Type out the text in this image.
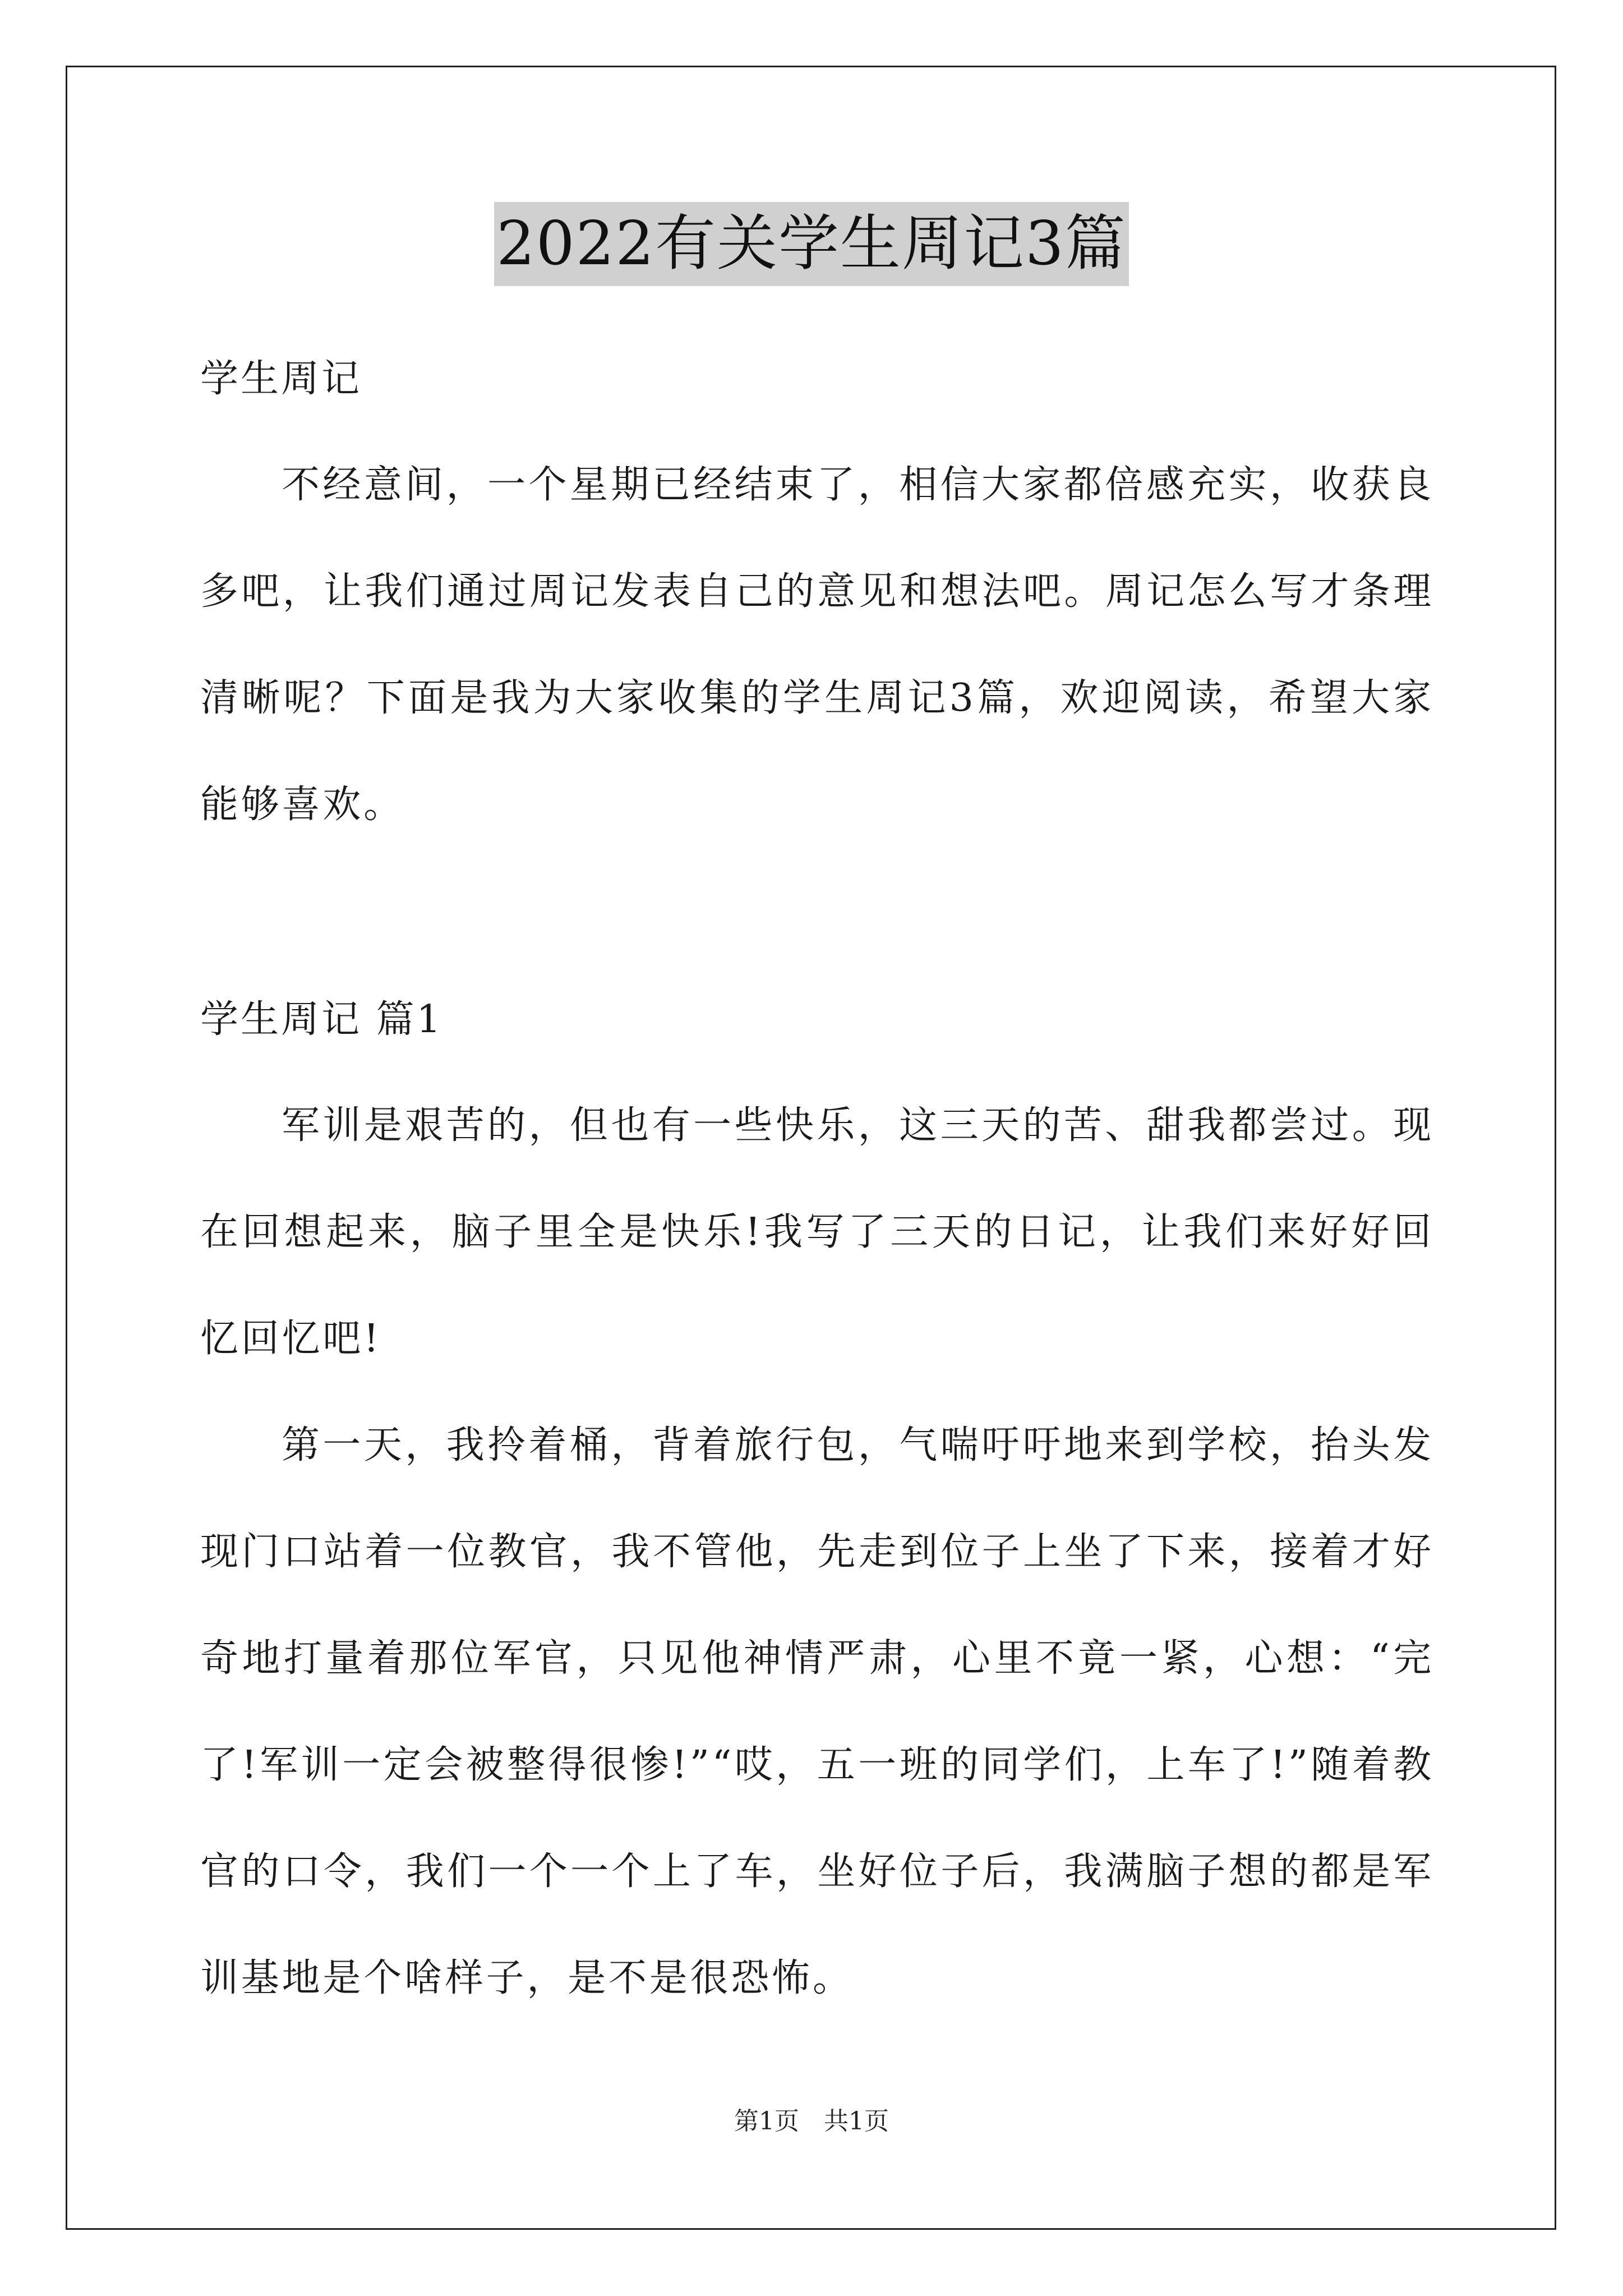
2022有关学生周记3篇
学生周记
不经意间，一个星期已经结束了，相信大家都倍感充实，收获良多吧，让我们通过周记发表自己的意见和想法吧。周记怎么写才条理清晰呢？下面是我为大家收集的学生周记3篇，欢迎阅读，希望大家能够喜欢。
学生周记 篇1
军训是艰苦的，但也有一些快乐，这三天的苦、甜我都尝过。现在回想起来，脑子里全是快乐!我写了三天的日记，让我们来好好回忆回忆吧!
第一天，我拎着桶，背着旅行包，气喘吁吁地来到学校，抬头发现门口站着一位教官，我不管他，先走到位子上坐了下来，接着才好奇地打量着那位军官，只见他神情严肃，心里不竟一紧，心想：“完了!军训一定会被整得很惨!”“哎，五一班的同学们，上车了!”随着教官的口令，我们一个一个上了车，坐好位子后，我满脑子想的都是军训基地是个啥样子，是不是很恐怖。
第1页 共1页
